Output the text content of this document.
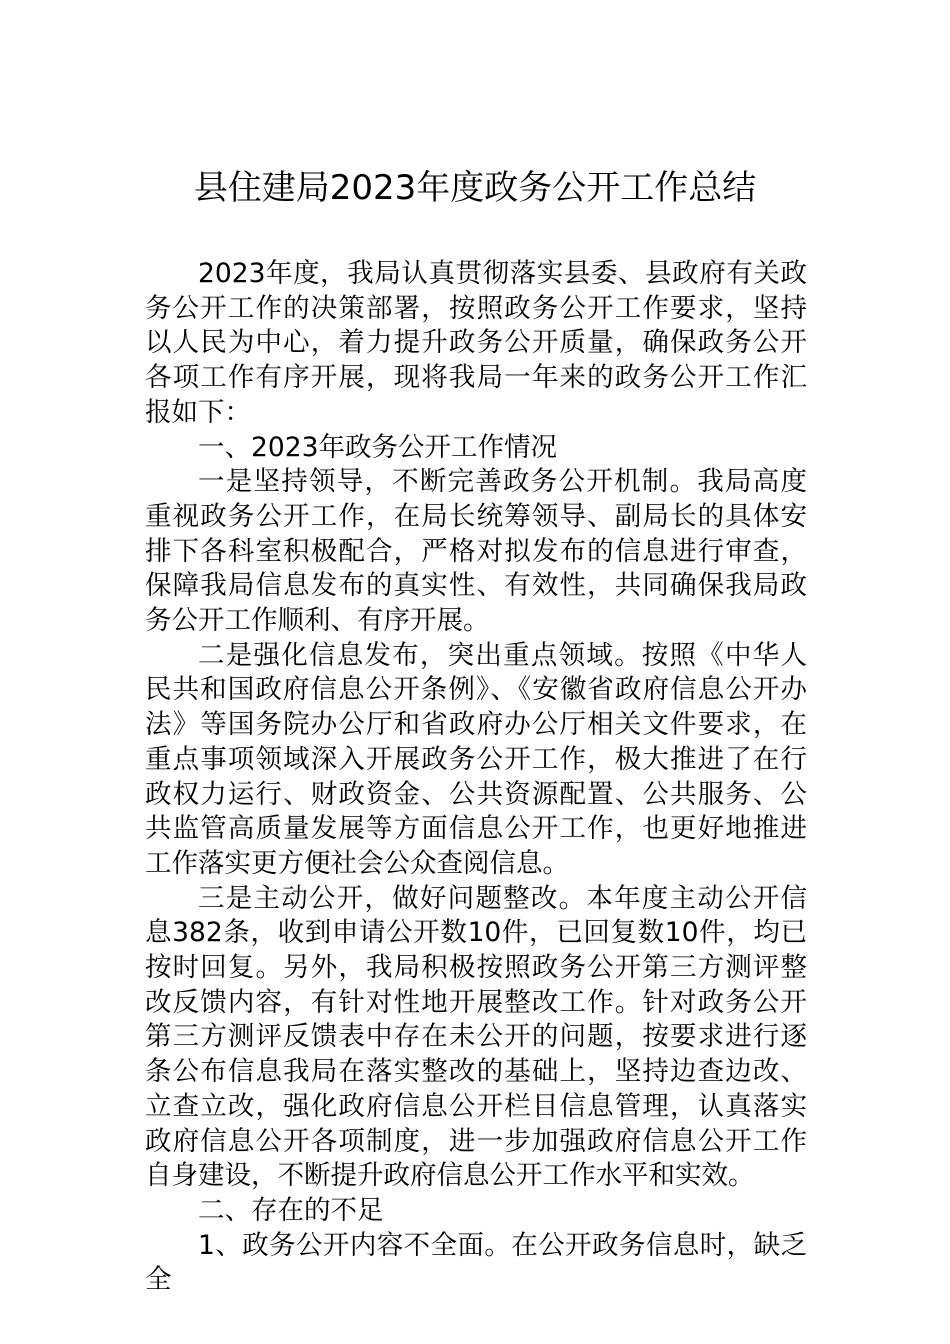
县住建局2023年度政务公开工作总结

2023年度，我局认真贯彻落实县委、县政府有关政务公开工作的决策部署，按照政务公开工作要求，坚持以人民为中心，着力提升政务公开质量，确保政务公开各项工作有序开展，现将我局一年来的政务公开工作汇报如下：

一、2023年政务公开工作情况

一是坚持领导，不断完善政务公开机制。我局高度重视政务公开工作，在局长统筹领导、副局长的具体安排下各科室积极配合，严格对拟发布的信息进行审查，保障我局信息发布的真实性、有效性，共同确保我局政务公开工作顺利、有序开展。

二是强化信息发布，突出重点领域。按照《中华人民共和国政府信息公开条例》、《安徽省政府信息公开办法》等国务院办公厅和省政府办公厅相关文件要求，在重点事项领域深入开展政务公开工作，极大推进了在行政权力运行、财政资金、公共资源配置、公共服务、公共监管高质量发展等方面信息公开工作，也更好地推进工作落实更方便社会公众查阅信息。

三是主动公开，做好问题整改。本年度主动公开信息382条，收到申请公开数10件，已回复数10件，均已按时回复。另外，我局积极按照政务公开第三方测评整改反馈内容，有针对性地开展整改工作。针对政务公开第三方测评反馈表中存在未公开的问题，按要求进行逐条公布信息我局在落实整改的基础上，坚持边查边改、立查立改，强化政府信息公开栏目信息管理，认真落实政府信息公开各项制度，进一步加强政府信息公开工作自身建设，不断提升政府信息公开工作水平和实效。

二、存在的不足

1、政务公开内容不全面。在公开政务信息时，缺乏全
